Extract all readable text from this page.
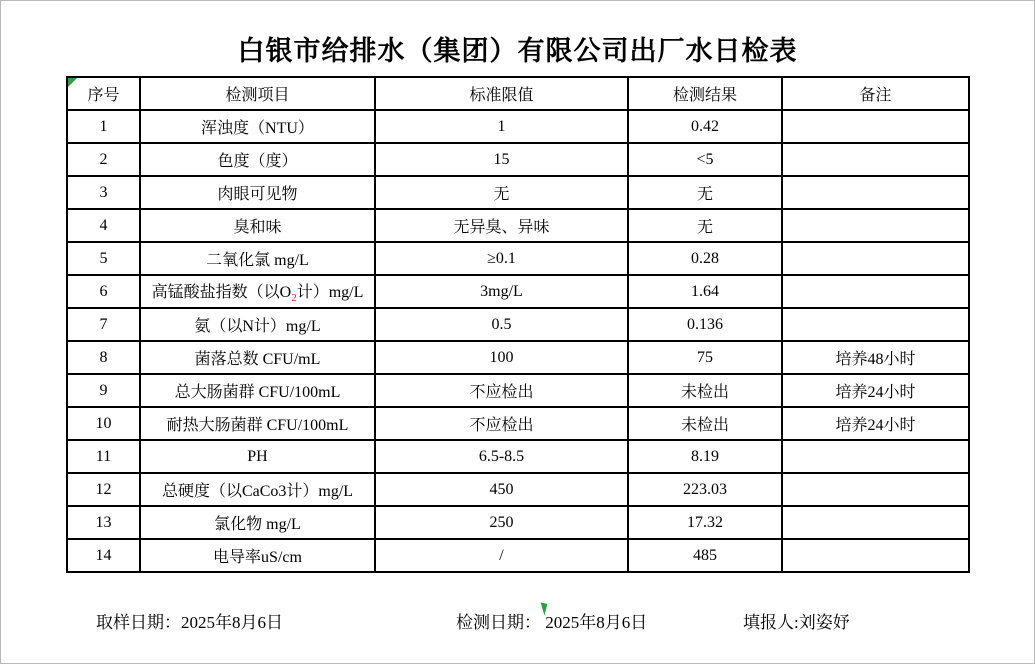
白银市给排水（集团）有限公司出厂水日检表
序号	检测项目	标准限值	检测结果	备注
1	浑浊度（NTU）	1	0.42	
2	色度（度）	15	<5	
3	肉眼可见物	无	无	
4	臭和味	无异臭、异味	无	
5	二氧化氯 mg/L	≥0.1	0.28	
6	高锰酸盐指数（以$O_2$计）mg/L	3mg/L	1.64	
7	氨（以N计）mg/L	0.5	0.136	
8	菌落总数 CFU/mL	100	75	培养48小时
9	总大肠菌群 CFU/100mL	不应检出	未检出	培养24小时
10	耐热大肠菌群 CFU/100mL	不应检出	未检出	培养24小时
11	PH	6.5-8.5	8.19	
12	总硬度（以CaCo3计）mg/L	450	223.03	
13	氯化物 mg/L	250	17.32	
14	电导率uS/cm	/	485	
取样日期：2025年8月6日	检测日期： 2025年8月6日	填报人:刘姿妤
